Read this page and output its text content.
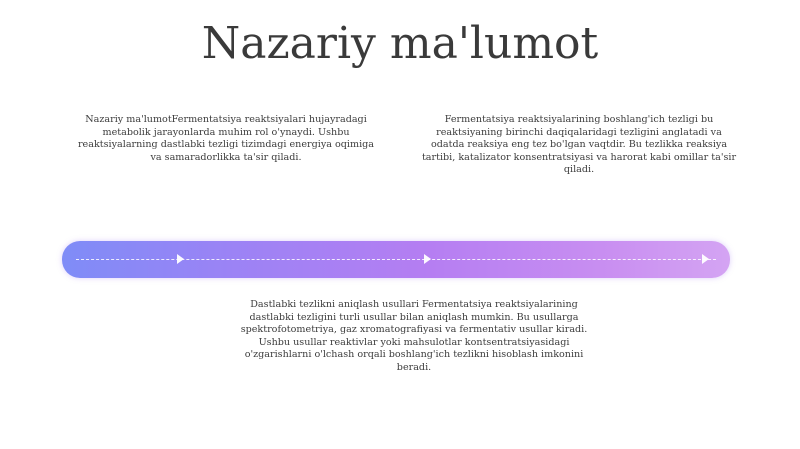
Nazariy ma'lumot
Nazariy ma'lumotFermentatsiya reaktsiyalari hujayradagi metabolik jarayonlarda muhim rol o'ynaydi. Ushbu reaktsiyalarning dastlabki tezligi tizimdagi energiya oqimiga va samaradorlikka ta'sir qiladi.
Fermentatsiya reaktsiyalarining boshlang'ich tezligi bu reaktsiyaning birinchi daqiqalaridagi tezligini anglatadi va odatda reaksiya eng tez bo'lgan vaqtdir. Bu tezlikka reaksiya tartibi, katalizator konsentratsiyasi va harorat kabi omillar ta'sir qiladi.
Dastlabki tezlikni aniqlash usullari Fermentatsiya reaktsiyalarining dastlabki tezligini turli usullar bilan aniqlash mumkin. Bu usullarga spektrofotometriya, gaz xromatografiyasi va fermentativ usullar kiradi. Ushbu usullar reaktivlar yoki mahsulotlar kontsentratsiyasidagi o'zgarishlarni o'lchash orqali boshlang'ich tezlikni hisoblash imkonini beradi.
